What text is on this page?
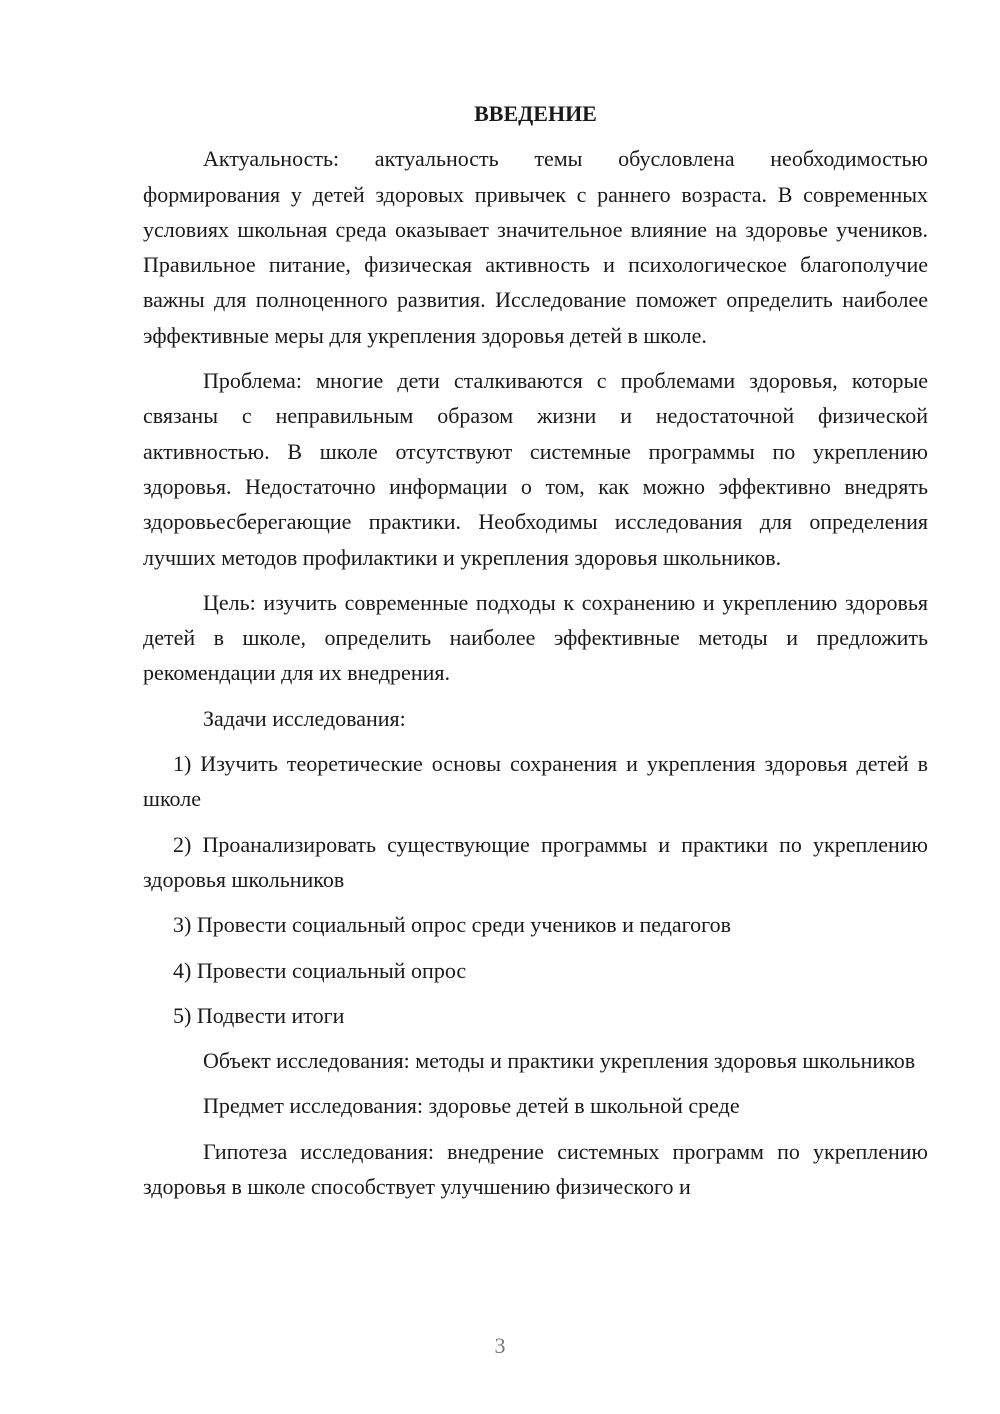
ВВЕДЕНИЕ

Актуальность: актуальность темы обусловлена необходимостью формирования у детей здоровых привычек с раннего возраста. В современных условиях школьная среда оказывает значительное влияние на здоровье учеников. Правильное питание, физическая активность и психологическое благополучие важны для полноценного развития. Исследование поможет определить наиболее эффективные меры для укрепления здоровья детей в школе.

Проблема: многие дети сталкиваются с проблемами здоровья, которые связаны с неправильным образом жизни и недостаточной физической активностью. В школе отсутствуют системные программы по укреплению здоровья. Недостаточно информации о том, как можно эффективно внедрять здоровьесберегающие практики. Необходимы исследования для определения лучших методов профилактики и укрепления здоровья школьников.

Цель: изучить современные подходы к сохранению и укреплению здоровья детей в школе, определить наиболее эффективные методы и предложить рекомендации для их внедрения.

Задачи исследования:

1) Изучить теоретические основы сохранения и укрепления здоровья детей в школе

2) Проанализировать существующие программы и практики по укреплению здоровья школьников

3) Провести социальный опрос среди учеников и педагогов

4) Провести социальный опрос

5) Подвести итоги

Объект исследования: методы и практики укрепления здоровья школьников

Предмет исследования: здоровье детей в школьной среде

Гипотеза исследования: внедрение системных программ по укреплению здоровья в школе способствует улучшению физического и

3
